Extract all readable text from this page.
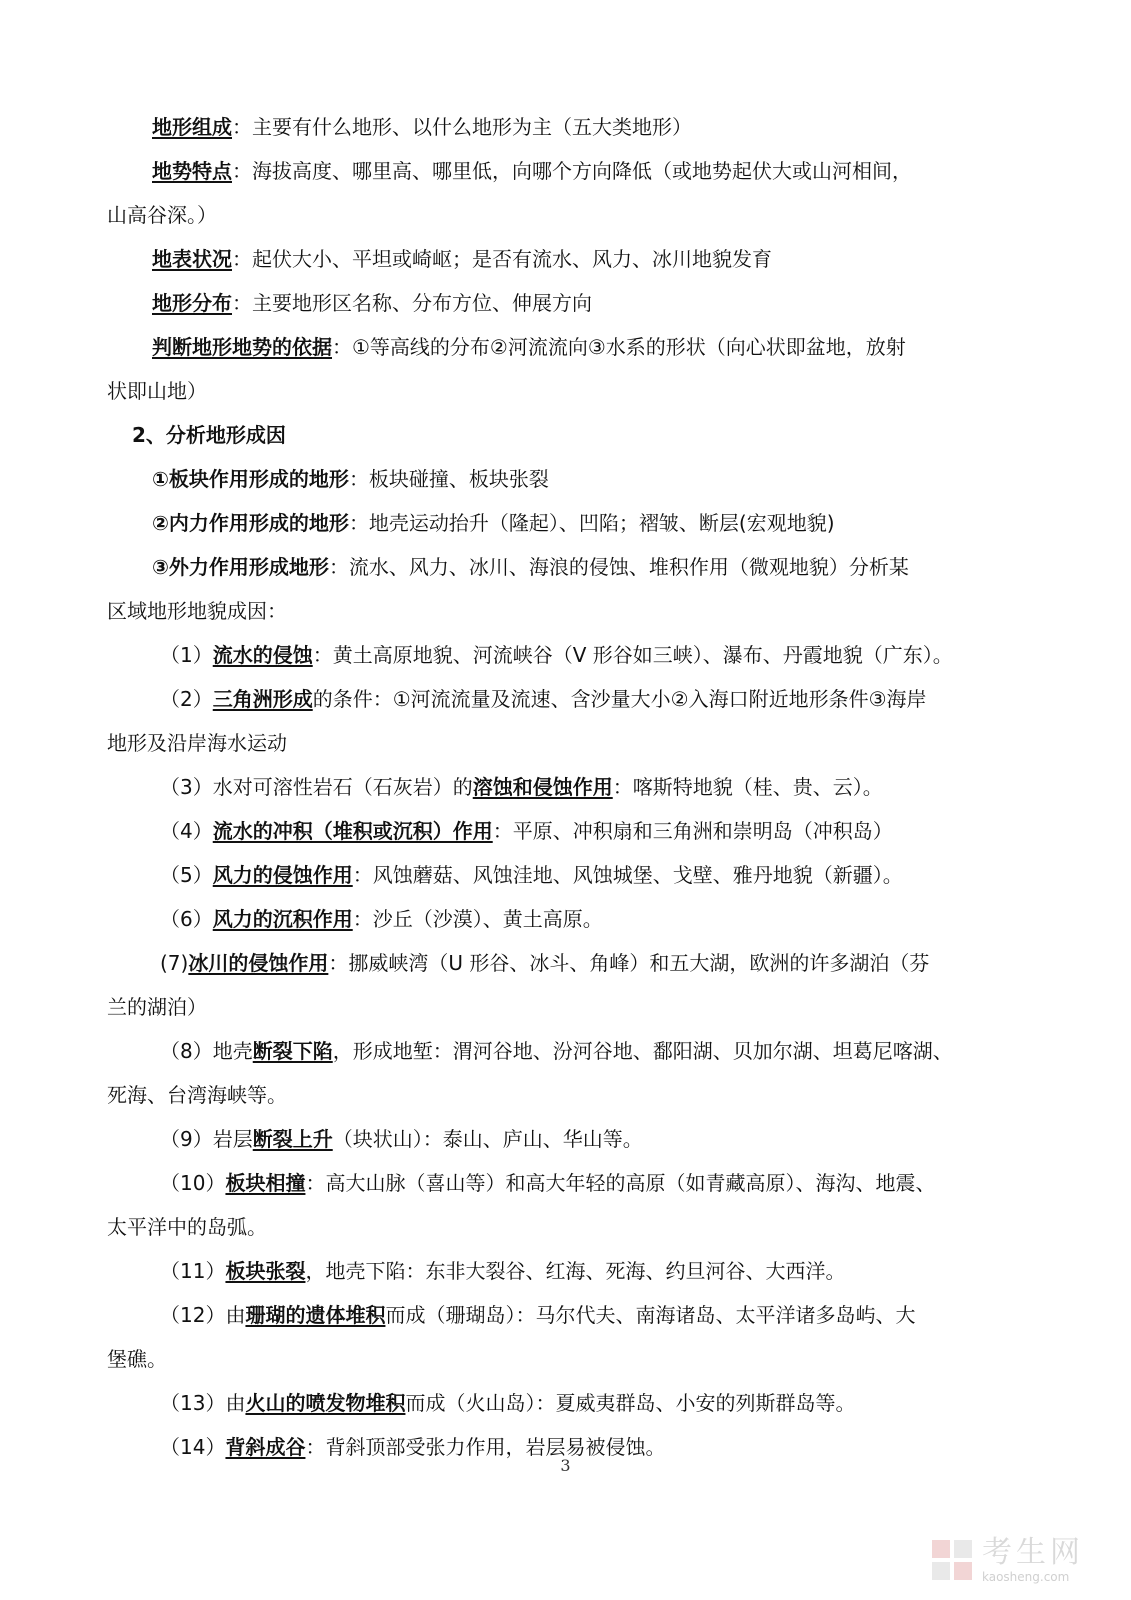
3
考生网
kaosheng.com
地形组成：主要有什么地形、以什么地形为主（五大类地形）
地势特点：海拔高度、哪里高、哪里低，向哪个方向降低（或地势起伏大或山河相间，
山高谷深。）
地表状况：起伏大小、平坦或崎岖；是否有流水、风力、冰川地貌发育
地形分布：主要地形区名称、分布方位、伸展方向
判断地形地势的依据：①等高线的分布②河流流向③水系的形状（向心状即盆地，放射
状即山地）
2、分析地形成因
①板块作用形成的地形：板块碰撞、板块张裂
②内力作用形成的地形：地壳运动抬升（隆起）、凹陷；褶皱、断层(宏观地貌)
③外力作用形成地形：流水、风力、冰川、海浪的侵蚀、堆积作用（微观地貌）分析某
区域地形地貌成因：
（1）流水的侵蚀：黄土高原地貌、河流峡谷（V 形谷如三峡）、瀑布、丹霞地貌（广东）。
（2）三角洲形成的条件：①河流流量及流速、含沙量大小②入海口附近地形条件③海岸
地形及沿岸海水运动
（3）水对可溶性岩石（石灰岩）的溶蚀和侵蚀作用：喀斯特地貌（桂、贵、云）。
（4）流水的冲积（堆积或沉积）作用：平原、冲积扇和三角洲和崇明岛（冲积岛）
（5）风力的侵蚀作用：风蚀蘑菇、风蚀洼地、风蚀城堡、戈壁、雅丹地貌（新疆）。
（6）风力的沉积作用：沙丘（沙漠）、黄土高原。
(7)冰川的侵蚀作用：挪威峡湾（U 形谷、冰斗、角峰）和五大湖，欧洲的许多湖泊（芬
兰的湖泊）
（8）地壳断裂下陷，形成地堑：渭河谷地、汾河谷地、鄱阳湖、贝加尔湖、坦葛尼喀湖、
死海、台湾海峡等。
（9）岩层断裂上升（块状山）：泰山、庐山、华山等。
（10）板块相撞：高大山脉（喜山等）和高大年轻的高原（如青藏高原）、海沟、地震、
太平洋中的岛弧。
（11）板块张裂，地壳下陷：东非大裂谷、红海、死海、约旦河谷、大西洋。
（12）由珊瑚的遗体堆积而成（珊瑚岛）：马尔代夫、南海诸岛、太平洋诸多岛屿、大
堡礁。
（13）由火山的喷发物堆积而成（火山岛）：夏威夷群岛、小安的列斯群岛等。
（14）背斜成谷：背斜顶部受张力作用，岩层易被侵蚀。
